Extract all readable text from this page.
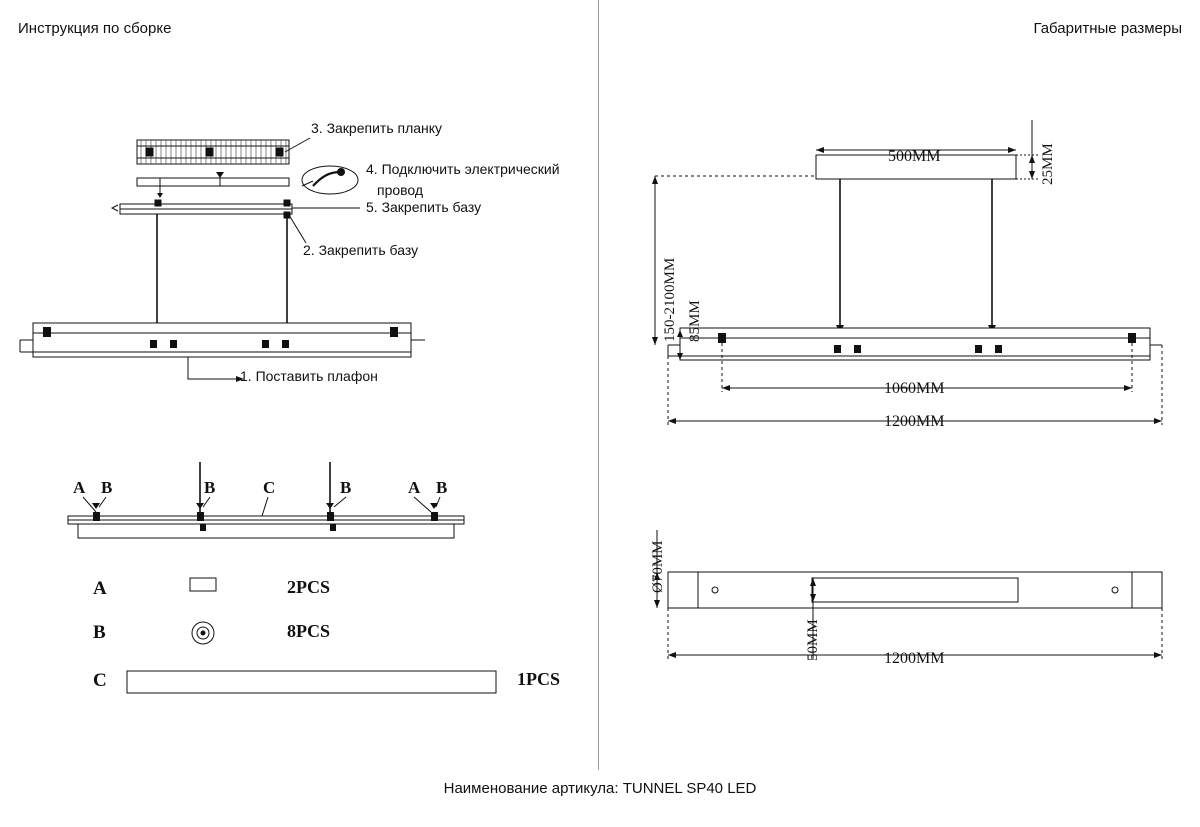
Инструкция по сборке	Габаритные размеры
3. Закрепить планку
4. Подключить электрический
провод
5. Закрепить базу
2. Закрепить базу
1. Поставить плафон
A B	B	C	B	A B
A	2PCS
B	8PCS
C	1PCS
500MM	25MM
150-2100MM 85MM
1060MM
1200MM
Ø70MM
50MM	1200MM
Наименование артикула: TUNNEL SP40 LED
